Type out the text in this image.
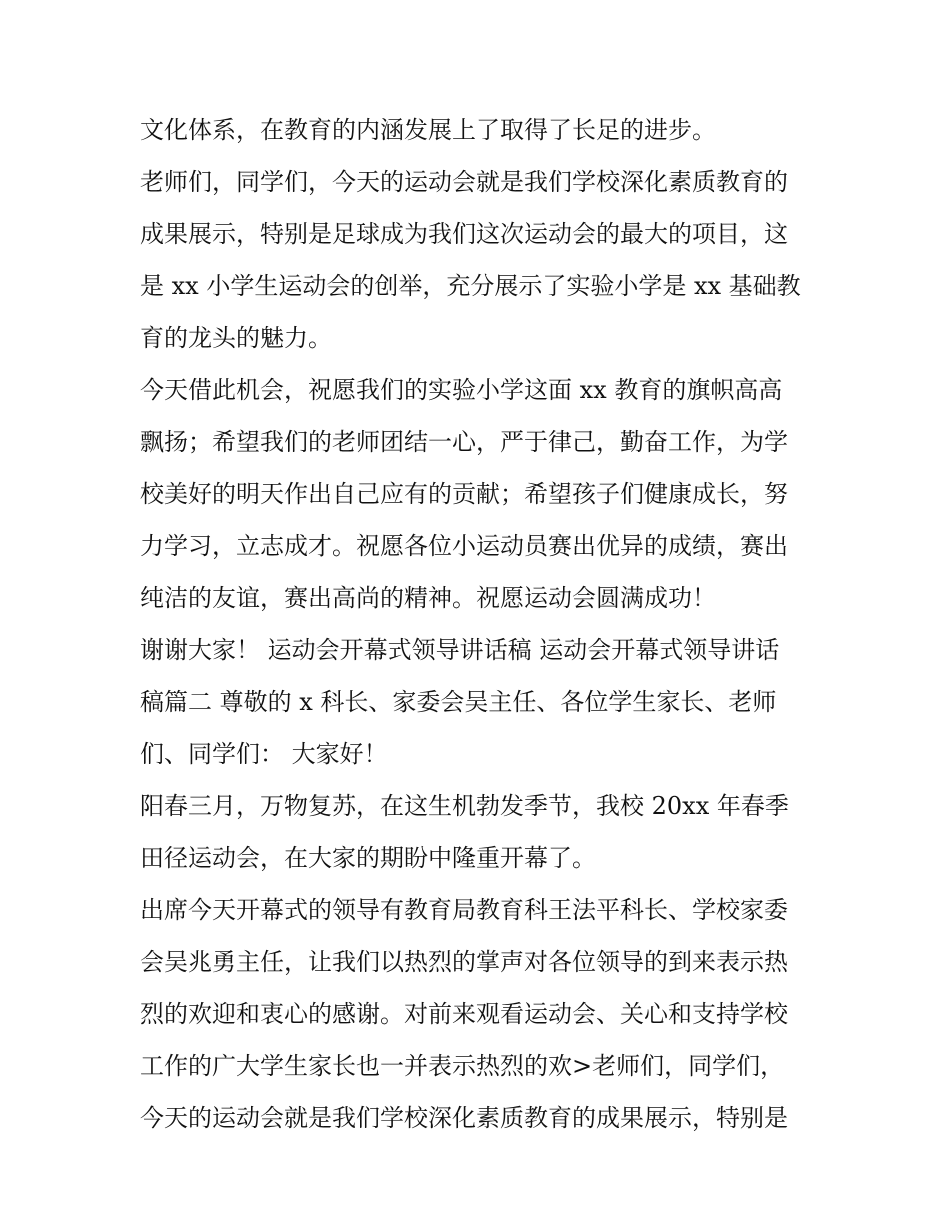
文化体系，在教育的内涵发展上了取得了长足的进步。
老师们，同学们，今天的运动会就是我们学校深化素质教育的
成果展示，特别是足球成为我们这次运动会的最大的项目，这
是 xx 小学生运动会的创举，充分展示了实验小学是 xx 基础教
育的龙头的魅力。
今天借此机会，祝愿我们的实验小学这面 xx 教育的旗帜高高
飘扬；希望我们的老师团结一心，严于律己，勤奋工作，为学
校美好的明天作出自己应有的贡献；希望孩子们健康成长，努
力学习，立志成才。祝愿各位小运动员赛出优异的成绩，赛出
纯洁的友谊，赛出高尚的精神。祝愿运动会圆满成功！
谢谢大家！ 运动会开幕式领导讲话稿 运动会开幕式领导讲话
稿篇二 尊敬的 x 科长、家委会吴主任、各位学生家长、老师
们、同学们： 大家好！
阳春三月，万物复苏，在这生机勃发季节，我校 20xx 年春季
田径运动会，在大家的期盼中隆重开幕了。
出席今天开幕式的领导有教育局教育科王法平科长、学校家委
会吴兆勇主任，让我们以热烈的掌声对各位领导的到来表示热
烈的欢迎和衷心的感谢。对前来观看运动会、关心和支持学校
工作的广大学生家长也一并表示热烈的欢>老师们，同学们，
今天的运动会就是我们学校深化素质教育的成果展示，特别是
